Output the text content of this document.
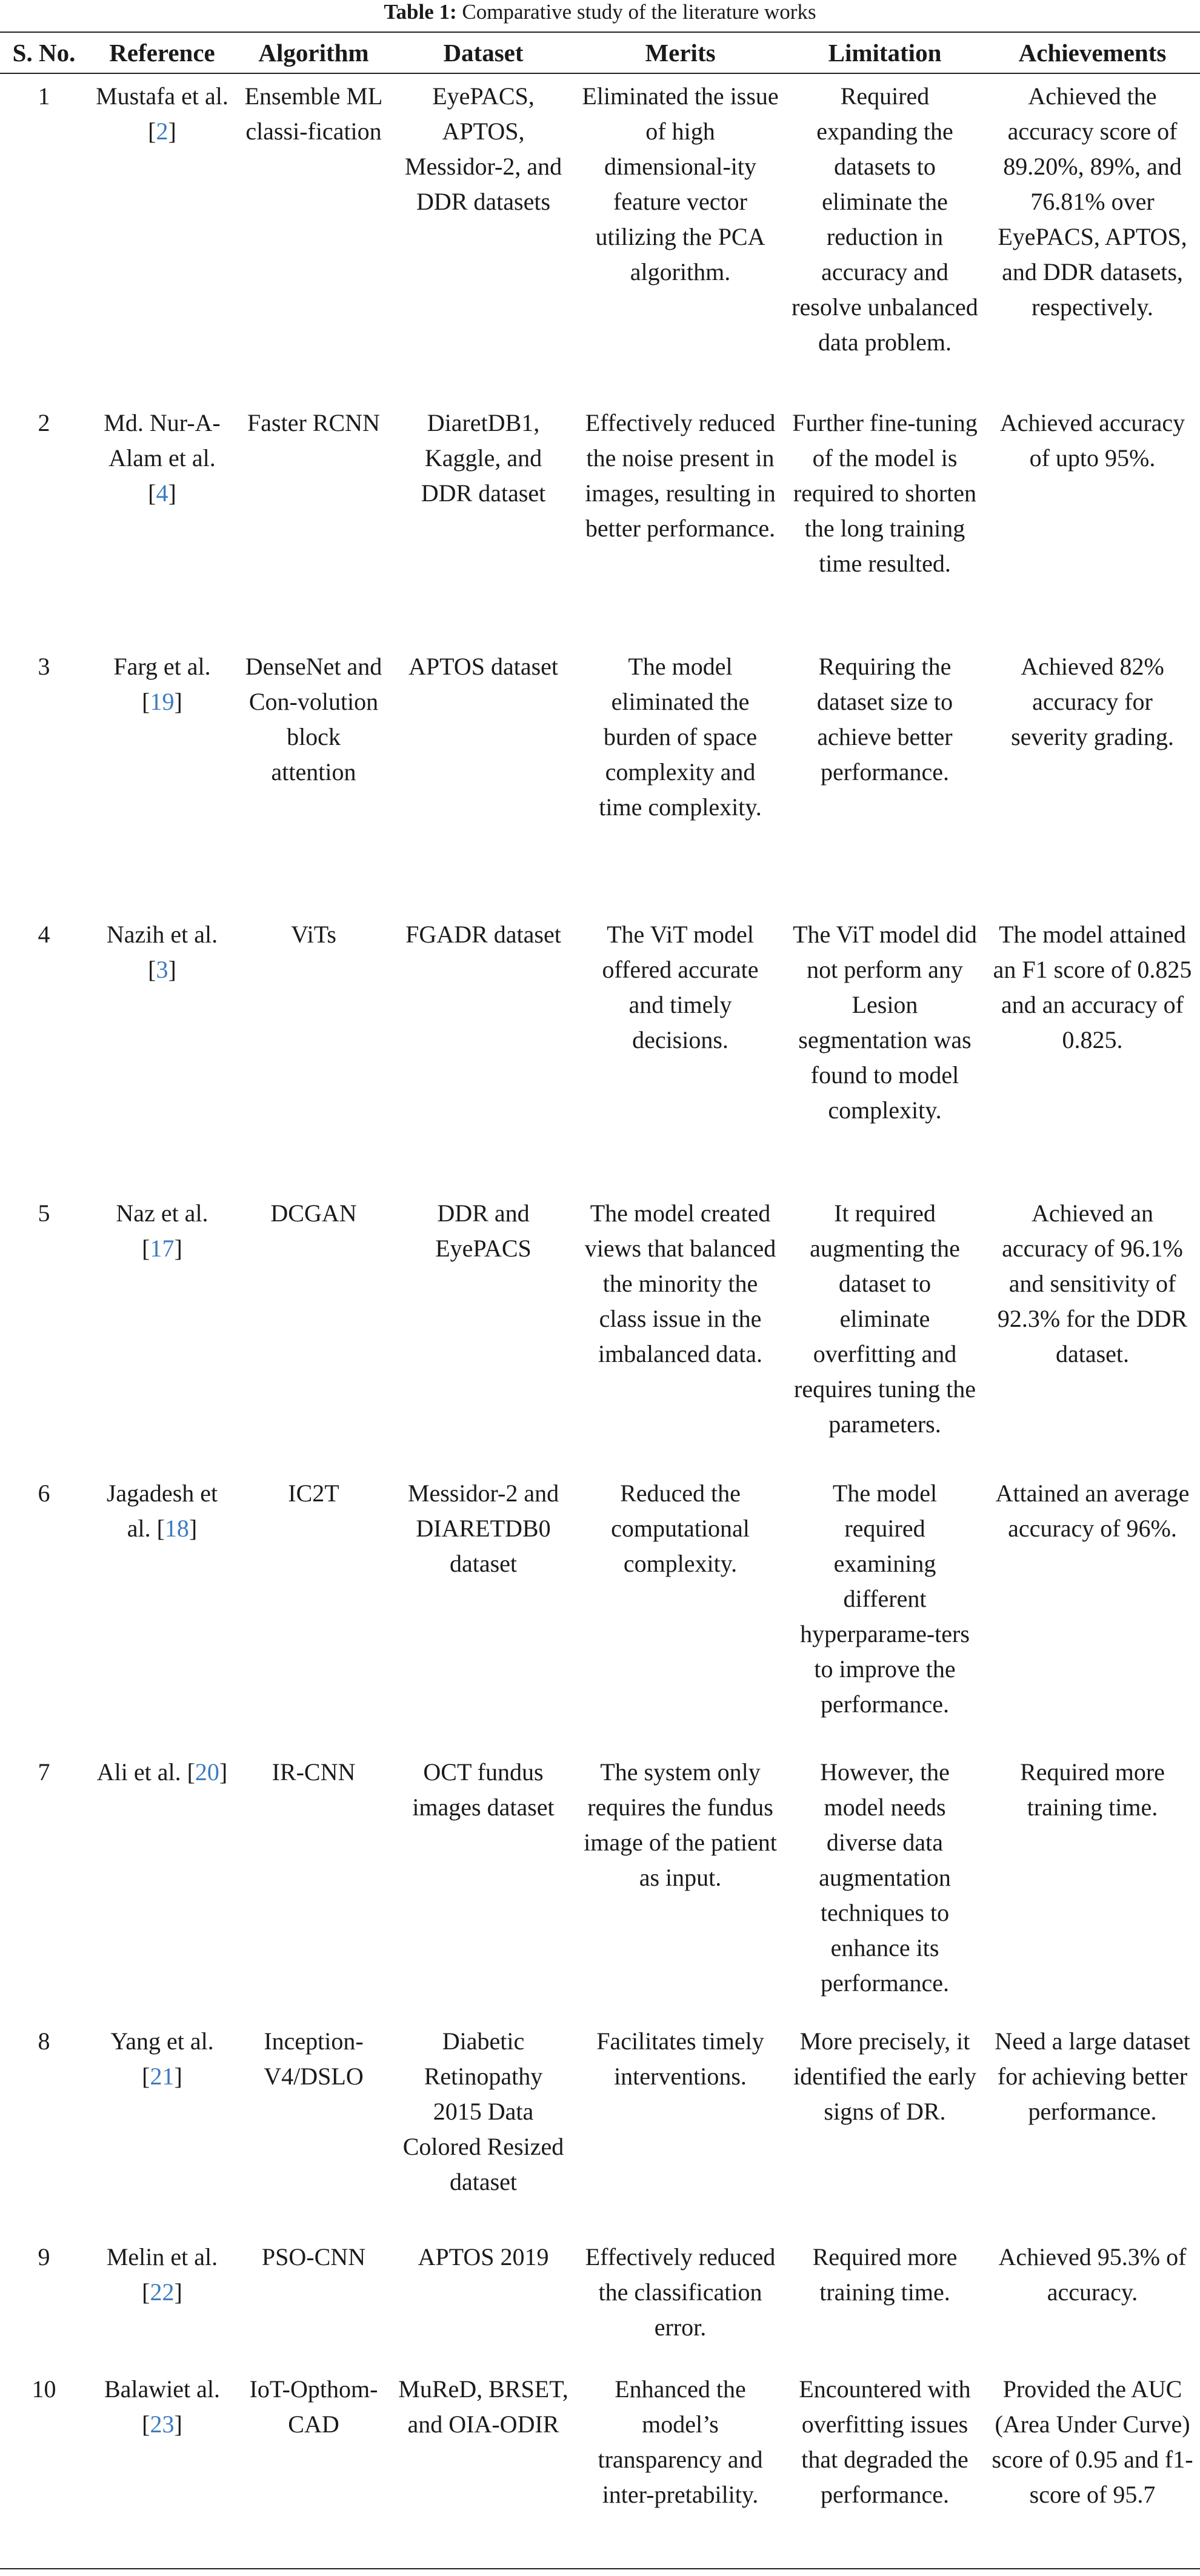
Table 1: Comparative study of the literature works
S. No.	Reference	Algorithm	Dataset	Merits	Limitation	Achievements
1	Mustafa et al. [2]	Ensemble ML classi-fication	EyePACS, APTOS, Messidor-2, and DDR datasets	Eliminated the issue of high dimensional-ity feature vector utilizing the PCA algorithm.	Required expanding the datasets to eliminate the reduction in accuracy and resolve unbalanced data problem.	Achieved the accuracy score of 89.20%, 89%, and 76.81% over EyePACS, APTOS, and DDR datasets, respectively.
2	Md. Nur-A-Alam et al. [4]	Faster RCNN	DiaretDB1, Kaggle, and DDR dataset	Effectively reduced the noise present in images, resulting in better performance.	Further fine-tuning of the model is required to shorten the long training time resulted.	Achieved accuracy of upto 95%.
3	Farg et al. [19]	DenseNet and Con-volution block attention	APTOS dataset	The model eliminated the burden of space complexity and time complexity.	Requiring the dataset size to achieve better performance.	Achieved 82% accuracy for severity grading.
4	Nazih et al. [3]	ViTs	FGADR dataset	The ViT model offered accurate and timely decisions.	The ViT model did not perform any Lesion segmentation was found to model complexity.	The model attained an F1 score of 0.825 and an accuracy of 0.825.
5	Naz et al. [17]	DCGAN	DDR and EyePACS	The model created views that balanced the minority the class issue in the imbalanced data.	It required augmenting the dataset to eliminate overfitting and requires tuning the parameters.	Achieved an accuracy of 96.1% and sensitivity of 92.3% for the DDR dataset.
6	Jagadesh et al. [18]	IC2T	Messidor-2 and DIARETDB0 dataset	Reduced the computational complexity.	The model required examining different hyperparame-ters to improve the performance.	Attained an average accuracy of 96%.
7	Ali et al. [20]	IR-CNN	OCT fundus images dataset	The system only requires the fundus image of the patient as input.	However, the model needs diverse data augmentation techniques to enhance its performance.	Required more training time.
8	Yang et al. [21]	Inception-V4/DSLO	Diabetic Retinopathy 2015 Data Colored Resized dataset	Facilitates timely interventions.	More precisely, it identified the early signs of DR.	Need a large dataset for achieving better performance.
9	Melin et al. [22]	PSO-CNN	APTOS 2019	Effectively reduced the classification error.	Required more training time.	Achieved 95.3% of accuracy.
10	Balawiet al. [23]	IoT-Opthom-CAD	MuReD, BRSET, and OIA-ODIR	Enhanced the model’s transparency and inter-pretability.	Encountered with overfitting issues that degraded the performance.	Provided the AUC (Area Under Curve) score of 0.95 and f1-score of 95.7
